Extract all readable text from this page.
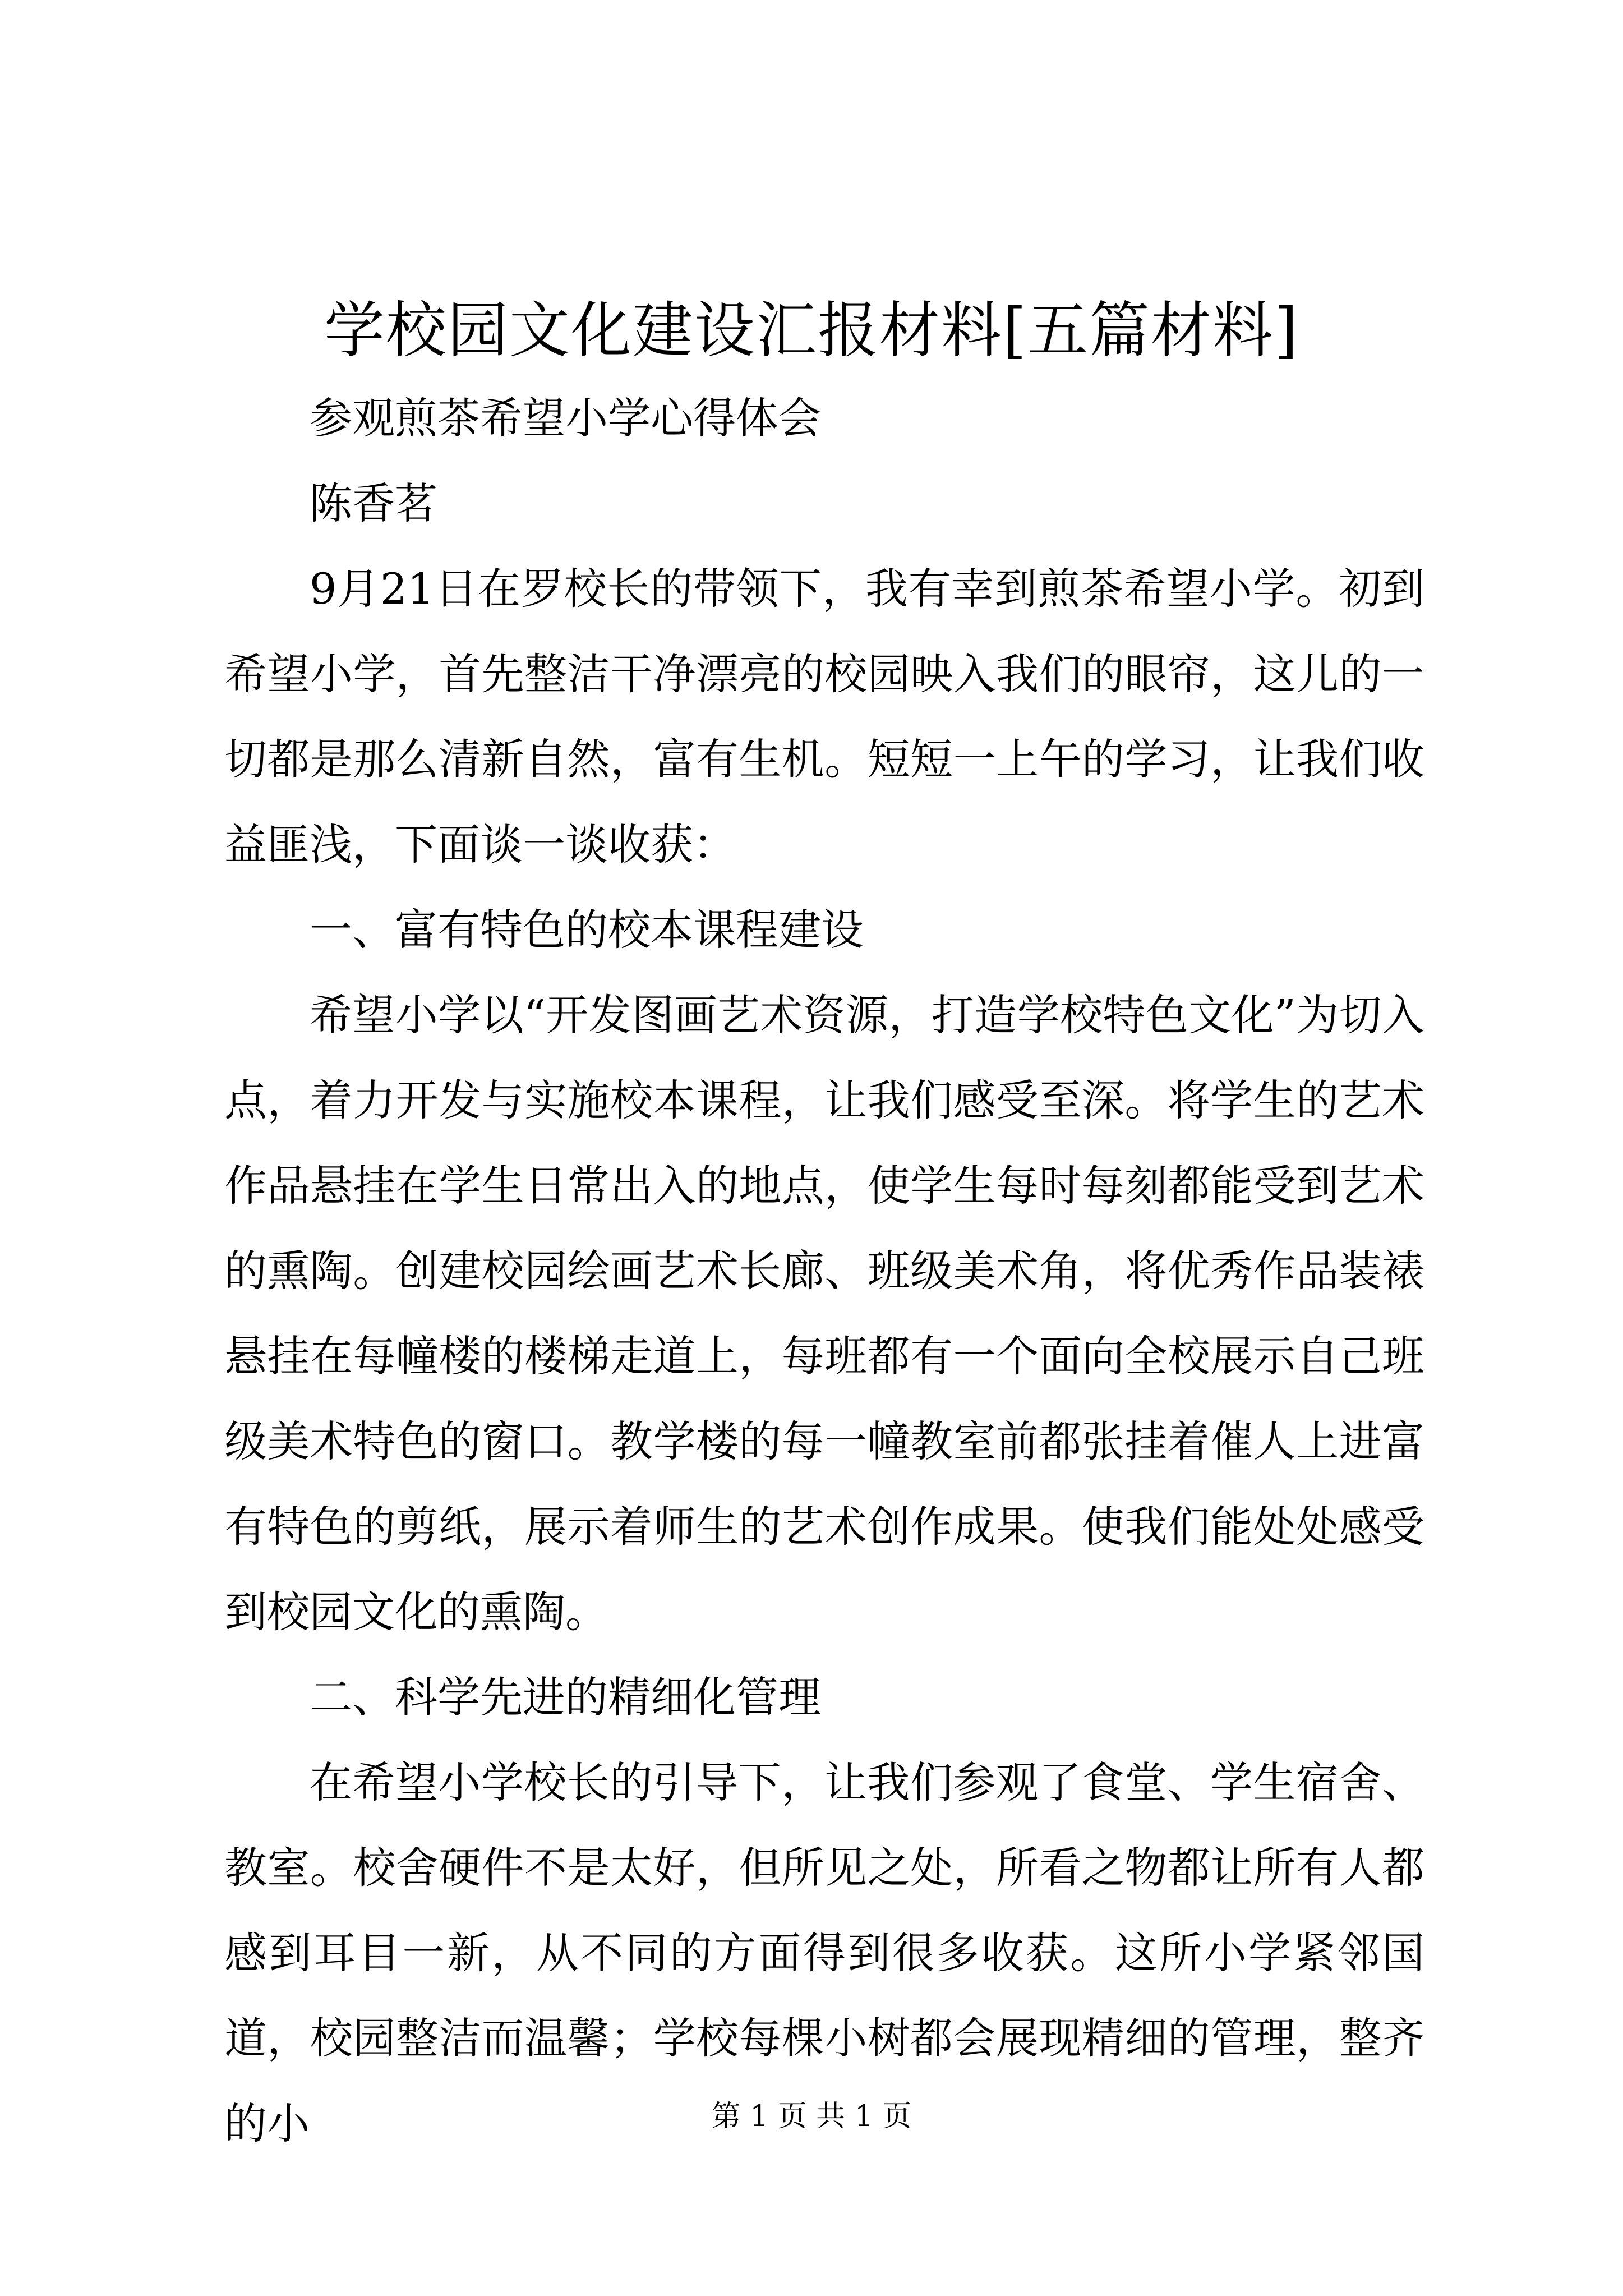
学校园文化建设汇报材料[五篇材料]

参观煎茶希望小学心得体会

陈香茗

9月21日在罗校长的带领下，我有幸到煎茶希望小学。初到希望小学，首先整洁干净漂亮的校园映入我们的眼帘，这儿的一切都是那么清新自然，富有生机。短短一上午的学习，让我们收益匪浅，下面谈一谈收获：

一、富有特色的校本课程建设

希望小学以“开发图画艺术资源，打造学校特色文化”为切入点，着力开发与实施校本课程，让我们感受至深。将学生的艺术作品悬挂在学生日常出入的地点，使学生每时每刻都能受到艺术的熏陶。创建校园绘画艺术长廊、班级美术角，将优秀作品装裱悬挂在每幢楼的楼梯走道上，每班都有一个面向全校展示自己班级美术特色的窗口。教学楼的每一幢教室前都张挂着催人上进富有特色的剪纸，展示着师生的艺术创作成果。使我们能处处感受到校园文化的熏陶。

二、科学先进的精细化管理

在希望小学校长的引导下，让我们参观了食堂、学生宿舍、教室。校舍硬件不是太好，但所见之处，所看之物都让所有人都感到耳目一新，从不同的方面得到很多收获。这所小学紧邻国道，校园整洁而温馨；学校每棵小树都会展现精细的管理，整齐的小	第 1 页 共 1 页
